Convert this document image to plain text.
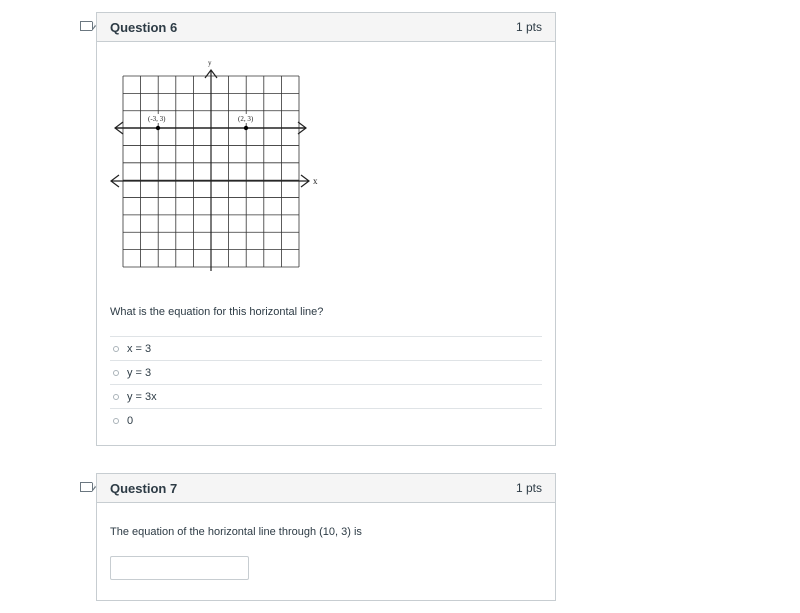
Question 6	1 pts
(-3, 3)	(2, 3)
x
y
What is the equation for this horizontal line?
x = 3
y = 3
y = 3x
0
Question 7	1 pts
The equation of the horizontal line through (10, 3) is
